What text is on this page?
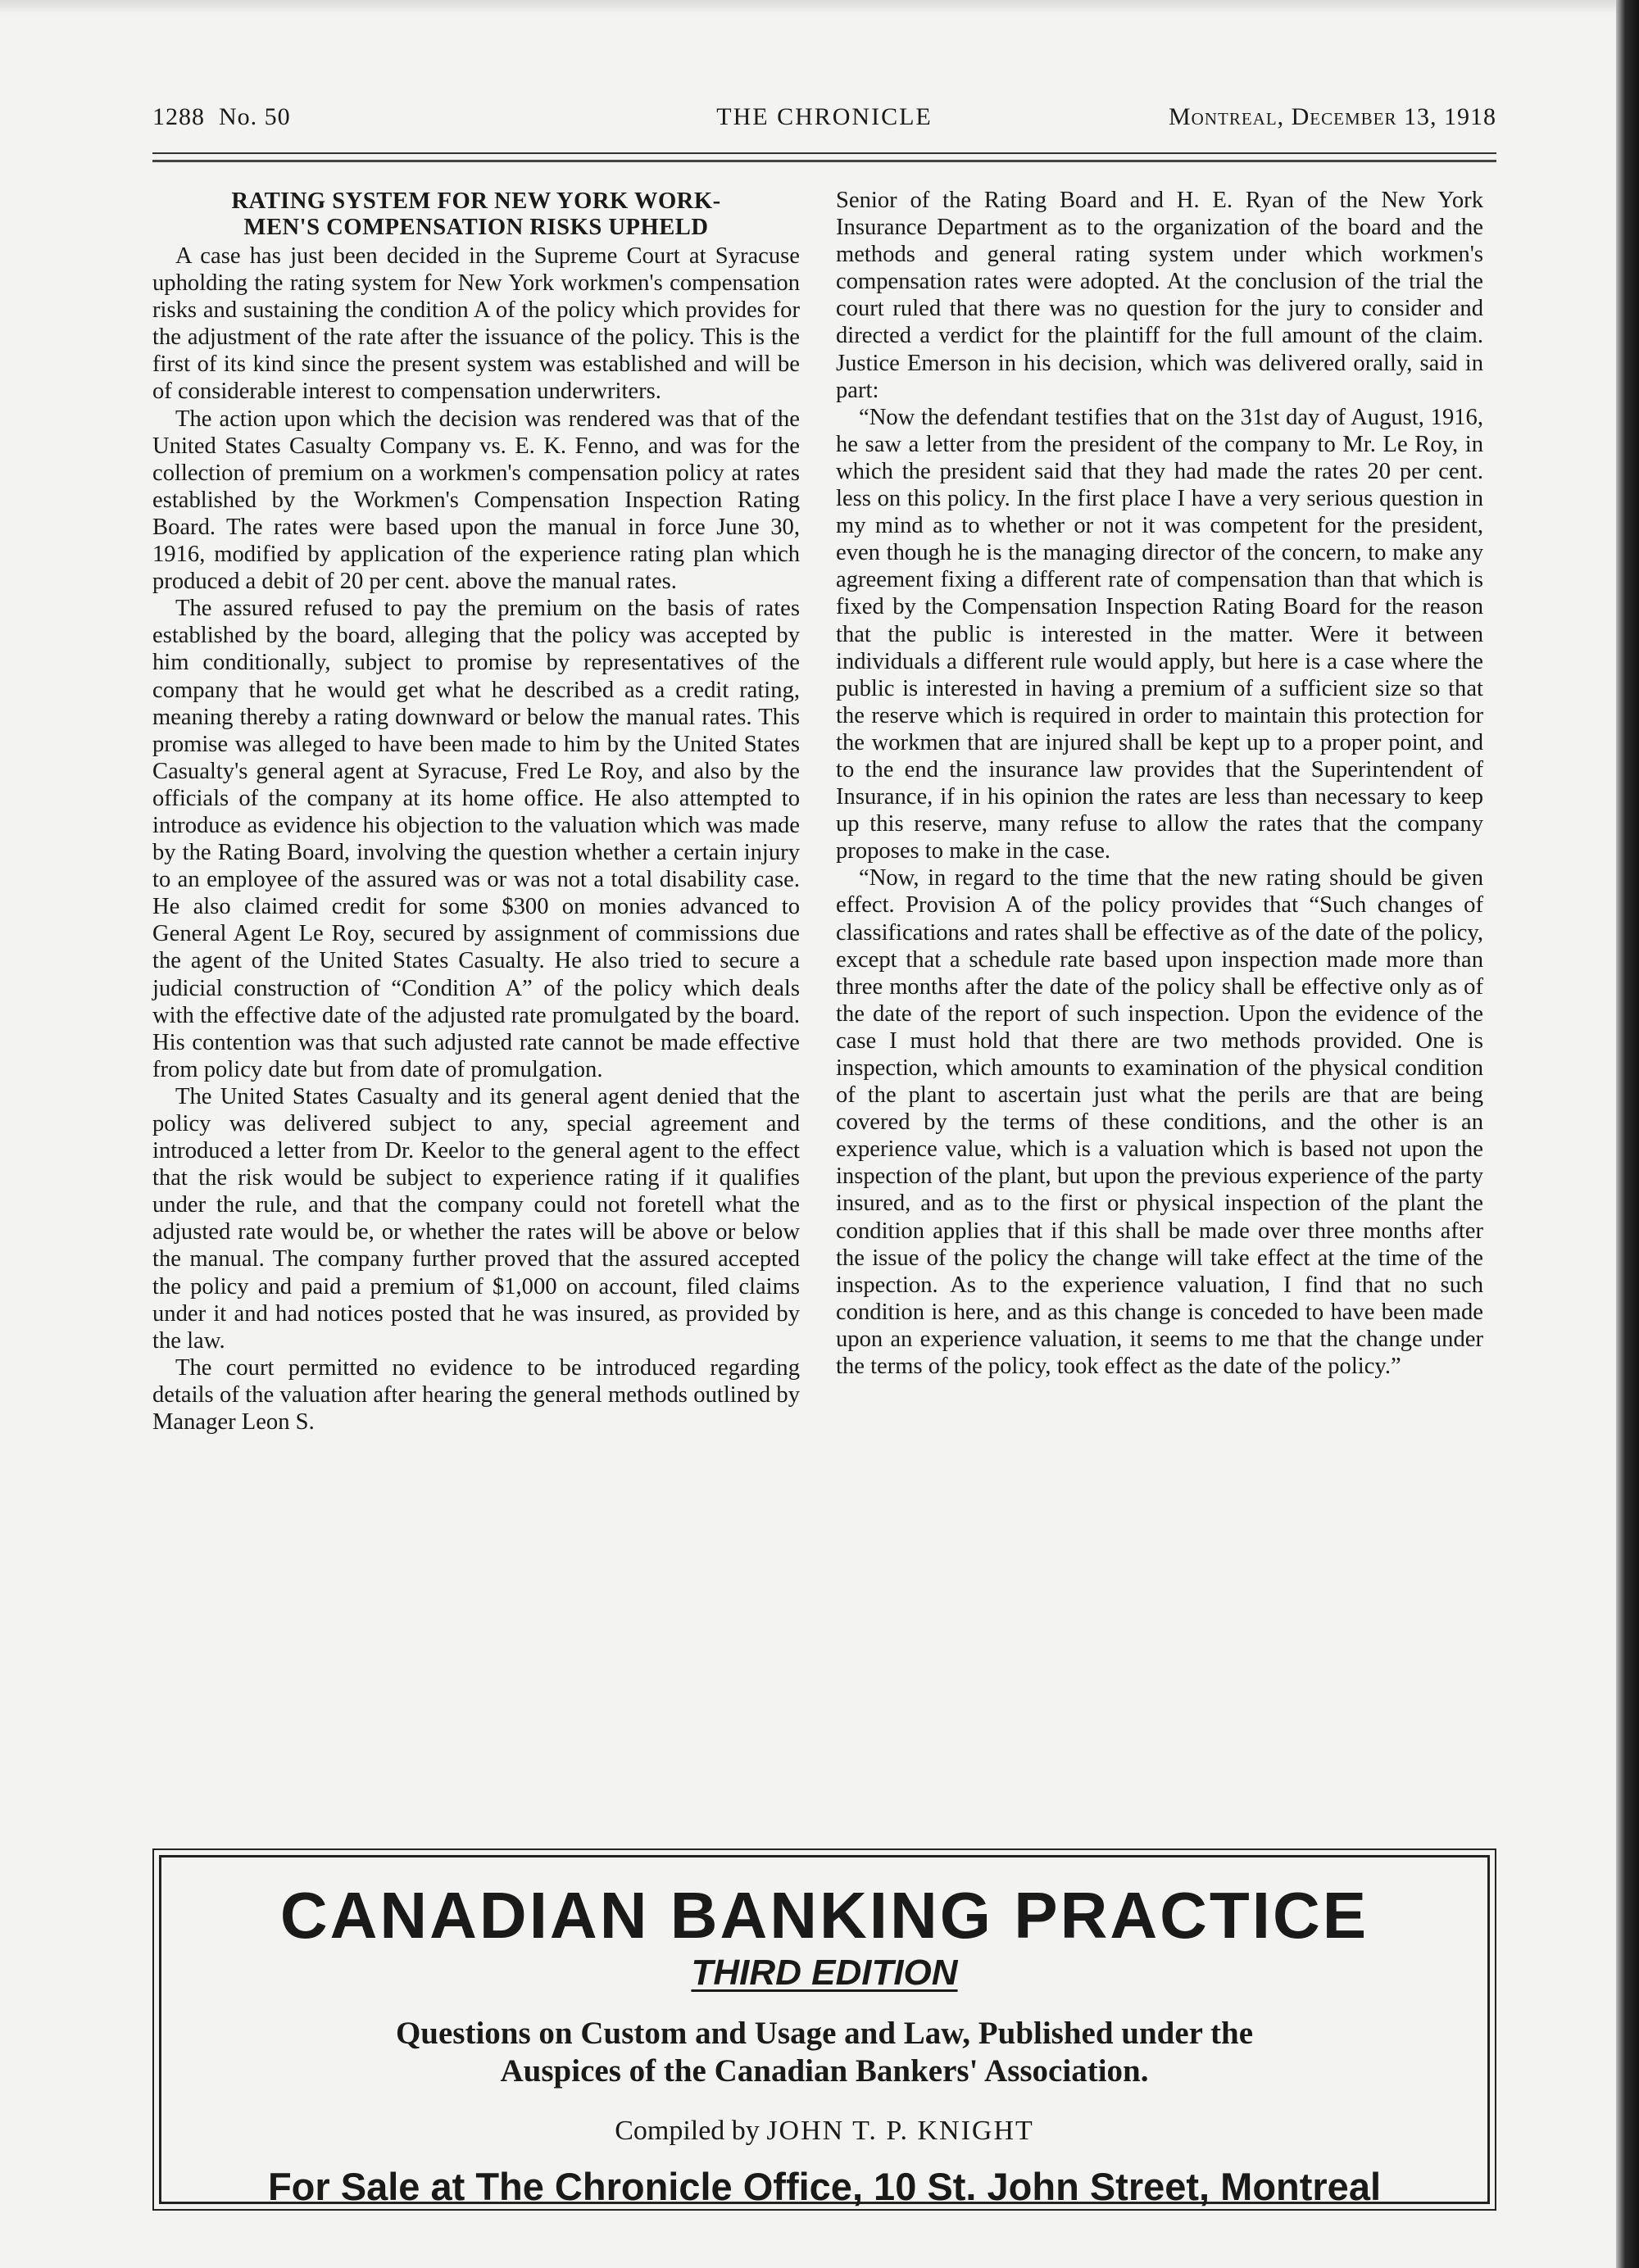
1288 No. 50	THE CHRONICLE	Montreal, December 13, 1918
RATING SYSTEM FOR NEW YORK WORK-
MEN'S COMPENSATION RISKS UPHELD

A case has just been decided in the Supreme Court at Syracuse upholding the rating system for New York workmen's compensation risks and sustaining the condition A of the policy which provides for the adjustment of the rate after the issuance of the policy. This is the first of its kind since the present system was established and will be of considerable interest to compensation underwriters.

The action upon which the decision was rendered was that of the United States Casualty Company vs. E. K. Fenno, and was for the collection of premium on a workmen's compensation policy at rates established by the Workmen's Compensation Inspection Rating Board. The rates were based upon the manual in force June 30, 1916, modified by application of the experience rating plan which produced a debit of 20 per cent. above the manual rates.

The assured refused to pay the premium on the basis of rates established by the board, alleging that the policy was accepted by him conditionally, subject to promise by representatives of the company that he would get what he described as a credit rating, meaning thereby a rating downward or below the manual rates. This promise was alleged to have been made to him by the United States Casualty's general agent at Syracuse, Fred Le Roy, and also by the officials of the company at its home office. He also attempted to introduce as evidence his objection to the valuation which was made by the Rating Board, involving the question whether a certain injury to an employee of the assured was or was not a total disability case. He also claimed credit for some $300 on monies advanced to General Agent Le Roy, secured by assignment of commissions due the agent of the United States Casualty. He also tried to secure a judicial construction of “Condition A” of the policy which deals with the effective date of the adjusted rate promulgated by the board. His contention was that such adjusted rate cannot be made effective from policy date but from date of promulgation.

The United States Casualty and its general agent denied that the policy was delivered subject to any, special agreement and introduced a letter from Dr. Keelor to the general agent to the effect that the risk would be subject to experience rating if it qualifies under the rule, and that the company could not foretell what the adjusted rate would be, or whether the rates will be above or below the manual. The company further proved that the assured accepted the policy and paid a premium of $1,000 on account, filed claims under it and had notices posted that he was insured, as provided by the law.

The court permitted no evidence to be introduced regarding details of the valuation after hearing the general methods outlined by Manager Leon S.

Senior of the Rating Board and H. E. Ryan of the New York Insurance Department as to the organization of the board and the methods and general rating system under which workmen's compensation rates were adopted. At the conclusion of the trial the court ruled that there was no question for the jury to consider and directed a verdict for the plaintiff for the full amount of the claim. Justice Emerson in his decision, which was delivered orally, said in part:

“Now the defendant testifies that on the 31st day of August, 1916, he saw a letter from the president of the company to Mr. Le Roy, in which the president said that they had made the rates 20 per cent. less on this policy. In the first place I have a very serious question in my mind as to whether or not it was competent for the president, even though he is the managing director of the concern, to make any agreement fixing a different rate of compensation than that which is fixed by the Compensation Inspection Rating Board for the reason that the public is interested in the matter. Were it between individuals a different rule would apply, but here is a case where the public is interested in having a premium of a sufficient size so that the reserve which is required in order to maintain this protection for the workmen that are injured shall be kept up to a proper point, and to the end the insurance law provides that the Superintendent of Insurance, if in his opinion the rates are less than necessary to keep up this reserve, many refuse to allow the rates that the company proposes to make in the case.

“Now, in regard to the time that the new rating should be given effect. Provision A of the policy provides that “Such changes of classifications and rates shall be effective as of the date of the policy, except that a schedule rate based upon inspection made more than three months after the date of the policy shall be effective only as of the date of the report of such inspection. Upon the evidence of the case I must hold that there are two methods provided. One is inspection, which amounts to examination of the physical condition of the plant to ascertain just what the perils are that are being covered by the terms of these conditions, and the other is an experience value, which is a valuation which is based not upon the inspection of the plant, but upon the previous experience of the party insured, and as to the first or physical inspection of the plant the condition applies that if this shall be made over three months after the issue of the policy the change will take effect at the time of the inspection. As to the experience valuation, I find that no such condition is here, and as this change is conceded to have been made upon an experience valuation, it seems to me that the change under the terms of the policy, took effect as the date of the policy.”

CANADIAN BANKING PRACTICE
THIRD EDITION
Questions on Custom and Usage and Law, Published under the
Auspices of the Canadian Bankers' Association.
Compiled by JOHN T. P. KNIGHT
For Sale at The Chronicle Office, 10 St. John Street, Montreal
